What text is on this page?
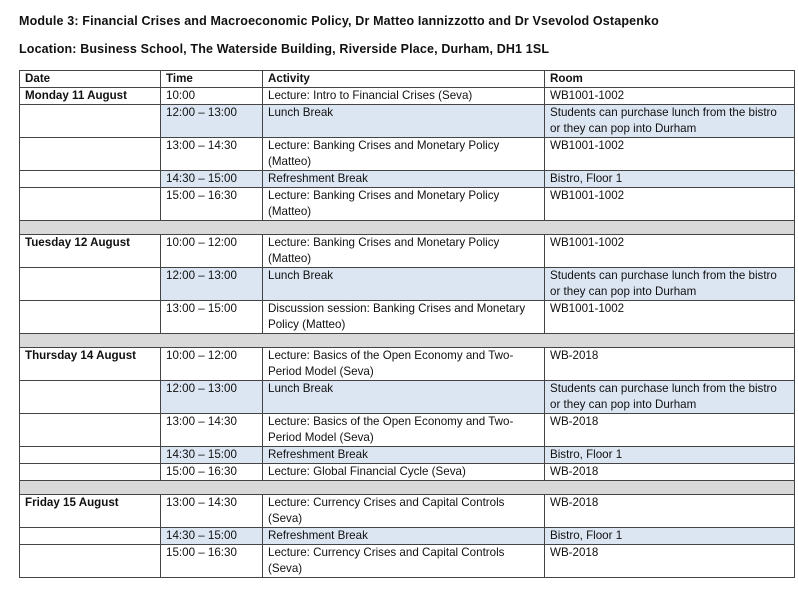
Module 3: Financial Crises and Macroeconomic Policy, Dr Matteo Iannizzotto and Dr Vsevolod Ostapenko
Location: Business School, The Waterside Building, Riverside Place, Durham, DH1 1SL
Date	Time	Activity	Room
Monday 11 August	10:00	Lecture: Intro to Financial Crises (Seva)	WB1001-1002
	12:00 – 13:00	Lunch Break	Students can purchase lunch from the bistro or they can pop into Durham
	13:00 – 14:30	Lecture: Banking Crises and Monetary Policy (Matteo)	WB1001-1002
	14:30 – 15:00	Refreshment Break	Bistro, Floor 1
	15:00 – 16:30	Lecture: Banking Crises and Monetary Policy (Matteo)	WB1001-1002

Tuesday 12 August	10:00 – 12:00	Lecture: Banking Crises and Monetary Policy (Matteo)	WB1001-1002
	12:00 – 13:00	Lunch Break	Students can purchase lunch from the bistro or they can pop into Durham
	13:00 – 15:00	Discussion session: Banking Crises and Monetary Policy (Matteo)	WB1001-1002

Thursday 14 August	10:00 – 12:00	Lecture: Basics of the Open Economy and Two-Period Model (Seva)	WB-2018
	12:00 – 13:00	Lunch Break	Students can purchase lunch from the bistro or they can pop into Durham
	13:00 – 14:30	Lecture: Basics of the Open Economy and Two-Period Model (Seva)	WB-2018
	14:30 – 15:00	Refreshment Break	Bistro, Floor 1
	15:00 – 16:30	Lecture: Global Financial Cycle (Seva)	WB-2018

Friday 15 August	13:00 – 14:30	Lecture: Currency Crises and Capital Controls (Seva)	WB-2018
	14:30 – 15:00	Refreshment Break	Bistro, Floor 1
	15:00 – 16:30	Lecture: Currency Crises and Capital Controls (Seva)	WB-2018
